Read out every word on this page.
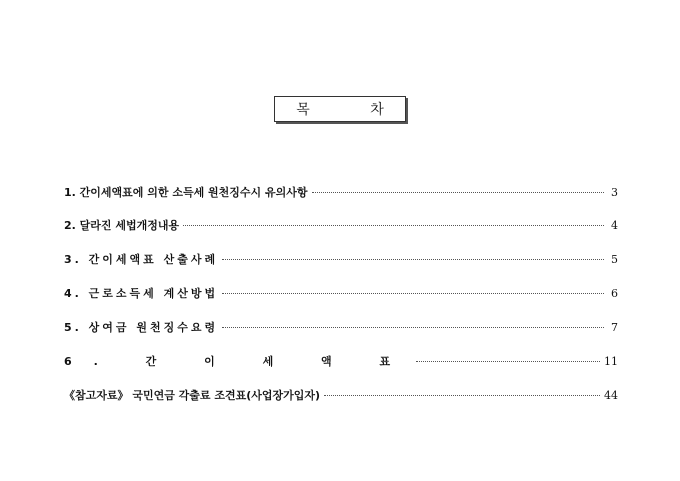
목 차
1. 간이세액표에 의한 소득세 원천징수시 유의사항	3
2. 달라진 세법개정내용	4
3. 간이세액표 산출사례	5
4. 근로소득세 계산방법	6
5. 상여금 원천징수요령	7
6. 간 이 세 액 표	11
《참고자료》 국민연금 각출료 조견표(사업장가입자)	44
